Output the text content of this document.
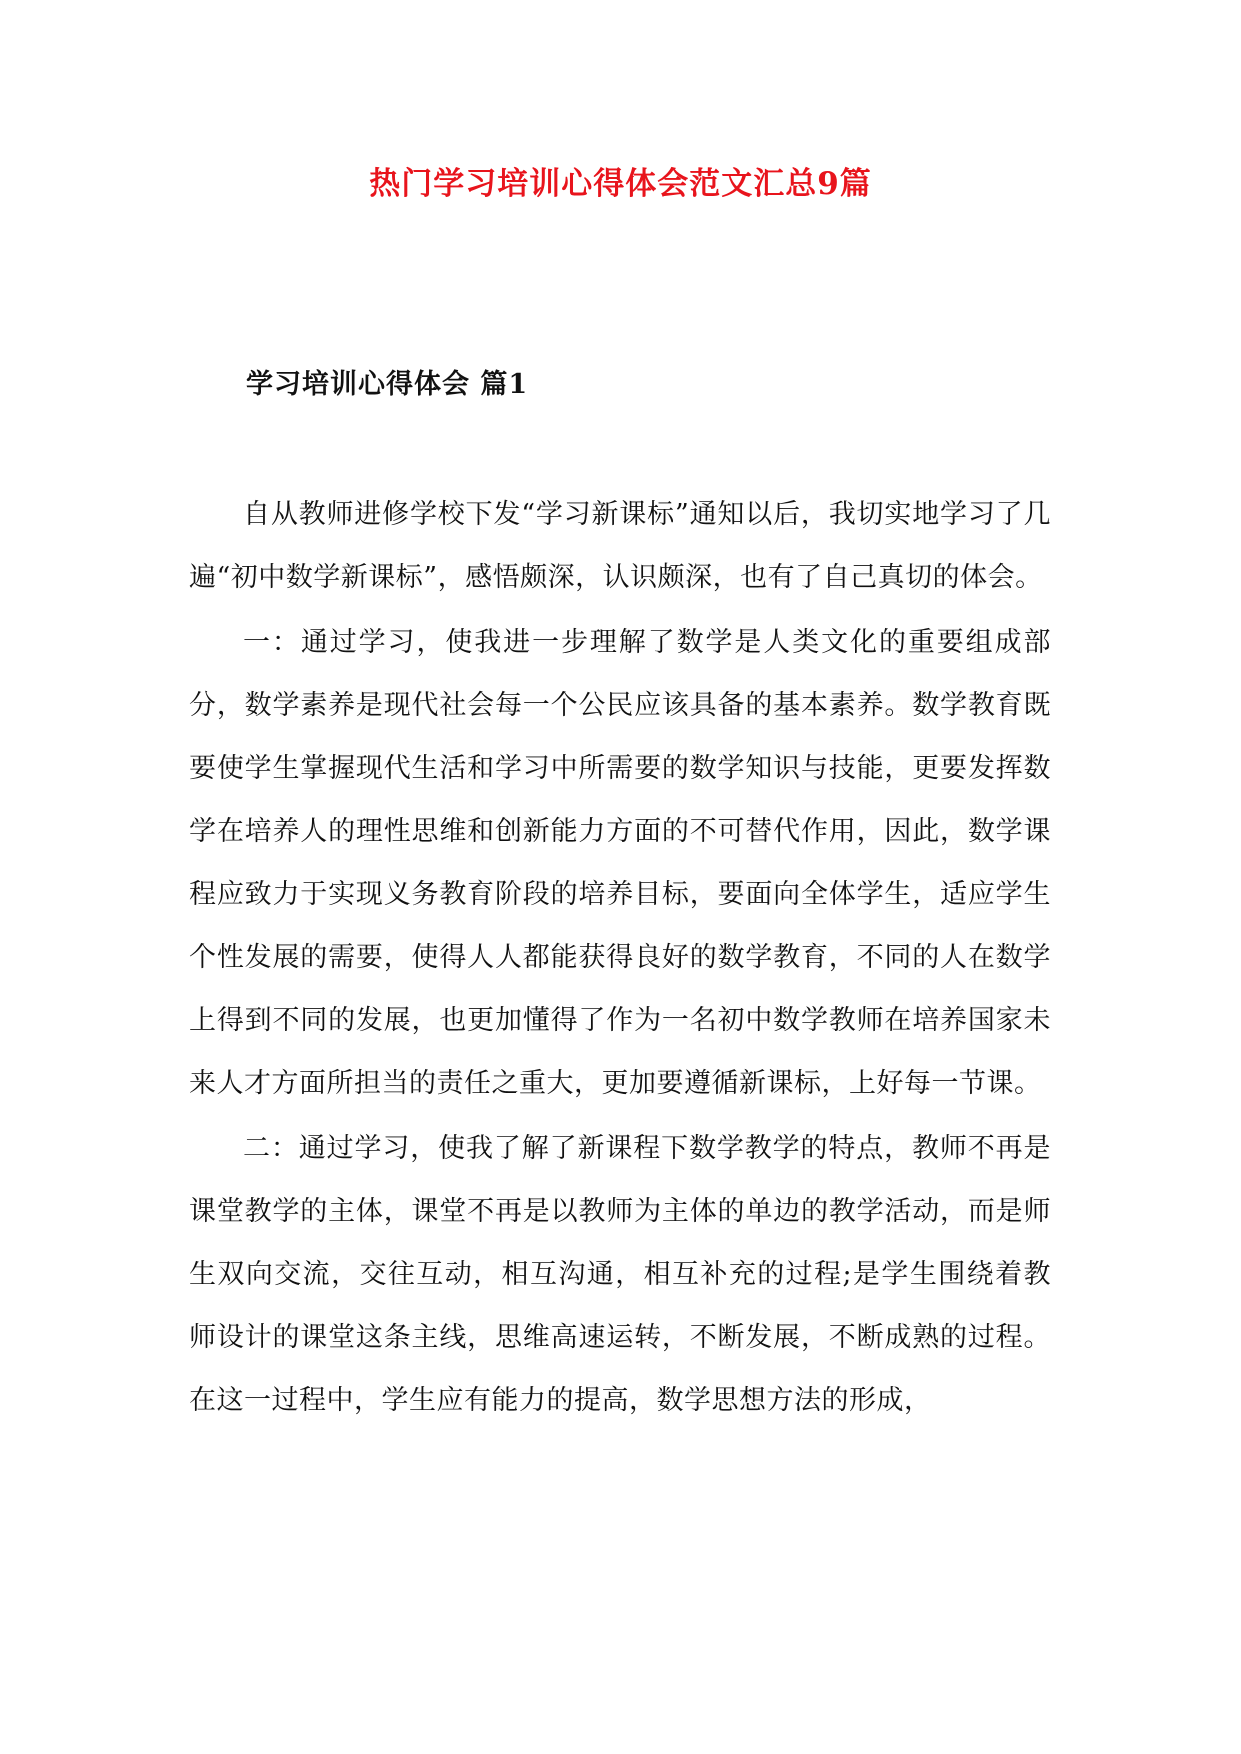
热门学习培训心得体会范文汇总9篇
学习培训心得体会 篇1

自从教师进修学校下发“学习新课标”通知以后，我切实地学习了几遍“初中数学新课标”，感悟颇深，认识颇深，也有了自己真切的体会。

一：通过学习，使我进一步理解了数学是人类文化的重要组成部分，数学素养是现代社会每一个公民应该具备的基本素养。数学教育既要使学生掌握现代生活和学习中所需要的数学知识与技能，更要发挥数学在培养人的理性思维和创新能力方面的不可替代作用，因此，数学课程应致力于实现义务教育阶段的培养目标，要面向全体学生，适应学生个性发展的需要，使得人人都能获得良好的数学教育，不同的人在数学上得到不同的发展，也更加懂得了作为一名初中数学教师在培养国家未来人才方面所担当的责任之重大，更加要遵循新课标，上好每一节课。

二：通过学习，使我了解了新课程下数学教学的特点，教师不再是课堂教学的主体，课堂不再是以教师为主体的单边的教学活动，而是师生双向交流，交往互动，相互沟通，相互补充的过程;是学生围绕着教师设计的课堂这条主线，思维高速运转，不断发展，不断成熟的过程。在这一过程中，学生应有能力的提高，数学思想方法的形成，
